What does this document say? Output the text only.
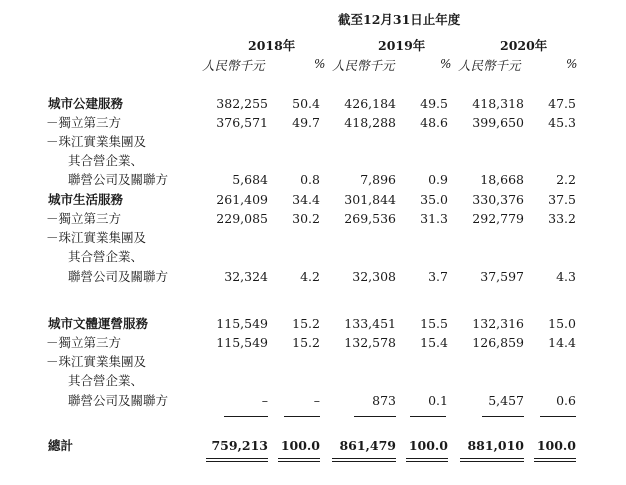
截至12月31日止年度
2018年	2019年	2020年
人民幣千元	% 人民幣千元	% 人民幣千元	%
城市公建服務	382,255	50.4	426,184	49.5	418,318	47.5
－獨立第三方	376,571	49.7	418,288	48.6	399,650	45.3
－珠江實業集團及
其合營企業、
聯營公司及關聯方	5,684	0.8	7,896	0.9	18,668	2.2
城市生活服務	261,409	34.4	301,844	35.0	330,376	37.5
－獨立第三方	229,085	30.2	269,536	31.3	292,779	33.2
－珠江實業集團及
其合營企業、
聯營公司及關聯方	32,324	4.2	32,308	3.7	37,597	4.3
城市文體運營服務	115,549	15.2	133,451	15.5	132,316	15.0
－獨立第三方	115,549	15.2	132,578	15.4	126,859	14.4
－珠江實業集團及
其合營企業、
聯營公司及關聯方	–	–	873	0.1	5,457	0.6
總計	759,213	100.0	861,479	100.0	881,010	100.0
